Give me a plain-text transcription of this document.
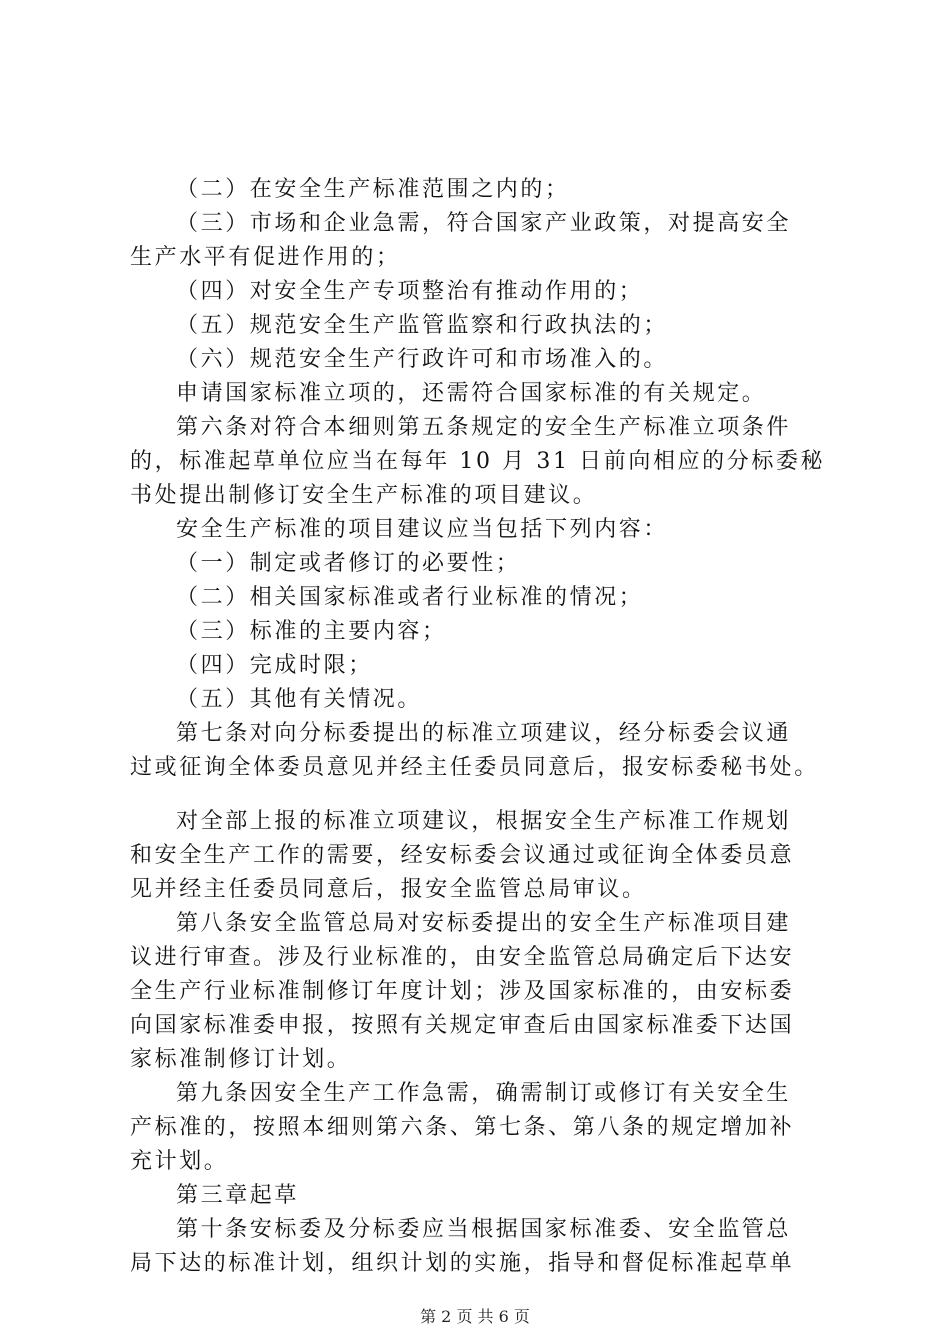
（二）在安全生产标准范围之内的；
（三）市场和企业急需，符合国家产业政策，对提高安全
生产水平有促进作用的；
（四）对安全生产专项整治有推动作用的；
（五）规范安全生产监管监察和行政执法的；
（六）规范安全生产行政许可和市场准入的。
申请国家标准立项的，还需符合国家标准的有关规定。
第六条对符合本细则第五条规定的安全生产标准立项条件
的，标准起草单位应当在每年 10 月 31 日前向相应的分标委秘
书处提出制修订安全生产标准的项目建议。
安全生产标准的项目建议应当包括下列内容：
（一）制定或者修订的必要性；
（二）相关国家标准或者行业标准的情况；
（三）标准的主要内容；
（四）完成时限；
（五）其他有关情况。
第七条对向分标委提出的标准立项建议，经分标委会议通
过或征询全体委员意见并经主任委员同意后，报安标委秘书处。
对全部上报的标准立项建议，根据安全生产标准工作规划
和安全生产工作的需要，经安标委会议通过或征询全体委员意
见并经主任委员同意后，报安全监管总局审议。
第八条安全监管总局对安标委提出的安全生产标准项目建
议进行审查。涉及行业标准的，由安全监管总局确定后下达安
全生产行业标准制修订年度计划；涉及国家标准的，由安标委
向国家标准委申报，按照有关规定审查后由国家标准委下达国
家标准制修订计划。
第九条因安全生产工作急需，确需制订或修订有关安全生
产标准的，按照本细则第六条、第七条、第八条的规定增加补
充计划。
第三章起草
第十条安标委及分标委应当根据国家标准委、安全监管总
局下达的标准计划，组织计划的实施，指导和督促标准起草单
第 2 页 共 6 页
